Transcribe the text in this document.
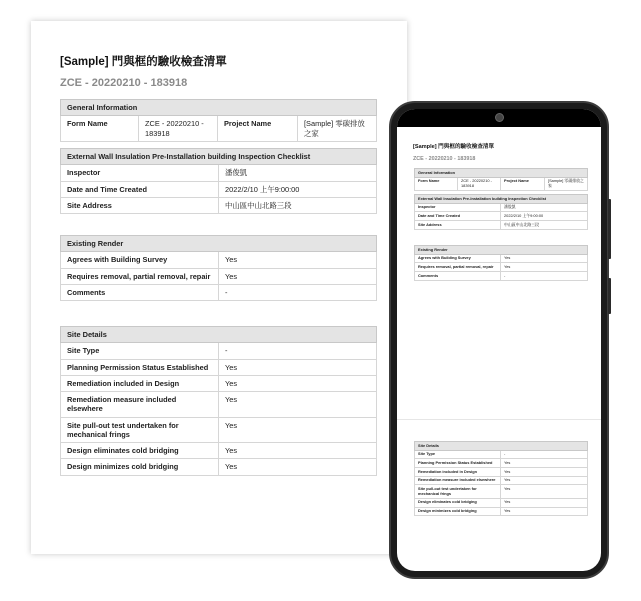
[Sample] 門與框的驗收檢查清單
ZCE - 20220210 - 183918
General Information
Form Name	ZCE - 20220210 - 183918	Project Name	[Sample] 零碳排放之家
External Wall Insulation Pre-Installation building Inspection Checklist	
Inspector	潘俊凱
Date and Time Created	2022/2/10 上午9:00:00
Site Address	中山區中山北路三段
Existing Render	
Agrees with Building Survey	Yes
Requires removal, partial removal, repair	Yes
Comments	-
Site Details	
Site Type	-
Planning Permission Status Established	Yes
Remediation included in Design	Yes
Remediation measure included elsewhere	Yes
Site pull-out test undertaken for mechanical frings	Yes
Design eliminates cold bridging	Yes
Design minimizes cold bridging	Yes
[Sample] 門與框的驗收檢查清單
ZCE - 20220210 - 183918
General Information
Form Name	ZCE - 20220210 - 183918	Project Name	[Sample] 零碳排放之家
External Wall Insulation Pre-Installation building Inspection Checklist	
Inspector	潘俊凱
Date and Time Created	2022/2/10 上午9:00:00
Site Address	中山區中山北路三段
Existing Render	
Agrees with Building Survey	Yes
Requires removal, partial removal, repair	Yes
Comments	-
Site Details	
Site Type	-
Planning Permission Status Established	Yes
Remediation included in Design	Yes
Remediation measure included elsewhere	Yes
Site pull-out test undertaken for mechanical frings	Yes
Design eliminates cold bridging	Yes
Design minimizes cold bridging	Yes
